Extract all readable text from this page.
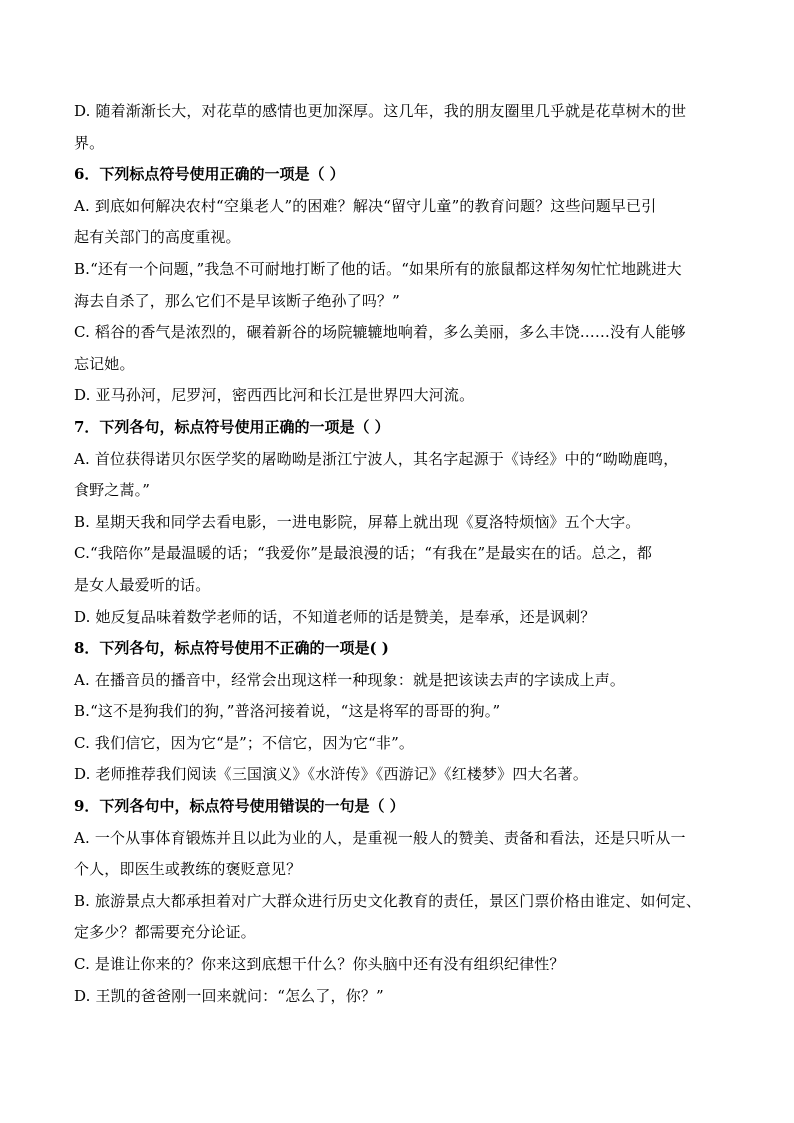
D. 随着渐渐长大，对花草的感情也更加深厚。这几年，我的朋友圈里几乎就是花草树木的世
界。
6．下列标点符号使用正确的一项是（ ）
A. 到底如何解决农村“空巢老人”的困难？解决“留守儿童”的教育问题？这些问题早已引
起有关部门的高度重视。
B.“还有一个问题，”我急不可耐地打断了他的话。“如果所有的旅鼠都这样匆匆忙忙地跳进大
海去自杀了，那么它们不是早该断子绝孙了吗？”
C. 稻谷的香气是浓烈的，碾着新谷的场院辘辘地响着，多么美丽，多么丰饶……没有人能够
忘记她。
D. 亚马孙河，尼罗河，密西西比河和长江是世界四大河流。
7．下列各句，标点符号使用正确的一项是（ ）
A. 首位获得诺贝尔医学奖的屠呦呦是浙江宁波人，其名字起源于《诗经》中的“呦呦鹿鸣，
食野之蒿。”
B. 星期天我和同学去看电影，一进电影院，屏幕上就出现《夏洛特烦恼》五个大字。
C.“我陪你”是最温暖的话；“我爱你”是最浪漫的话；“有我在”是最实在的话。总之，都
是女人最爱听的话。
D. 她反复品味着数学老师的话，不知道老师的话是赞美，是奉承，还是讽刺？
8．下列各句，标点符号使用不正确的一项是( )
A. 在播音员的播音中，经常会出现这样一种现象：就是把该读去声的字读成上声。
B.“这不是狗我们的狗，”普洛河接着说，“这是将军的哥哥的狗。”
C. 我们信它，因为它“是”；不信它，因为它“非”。
D. 老师推荐我们阅读《三国演义》《水浒传》《西游记》《红楼梦》四大名著。
9．下列各句中，标点符号使用错误的一句是（ ）
A. 一个从事体育锻炼并且以此为业的人，是重视一般人的赞美、责备和看法，还是只听从一
个人，即医生或教练的褒贬意见？
B. 旅游景点大都承担着对广大群众进行历史文化教育的责任，景区门票价格由谁定、如何定、
定多少？都需要充分论证。
C. 是谁让你来的？你来这到底想干什么？你头脑中还有没有组织纪律性？
D. 王凯的爸爸刚一回来就问：“怎么了，你？”
